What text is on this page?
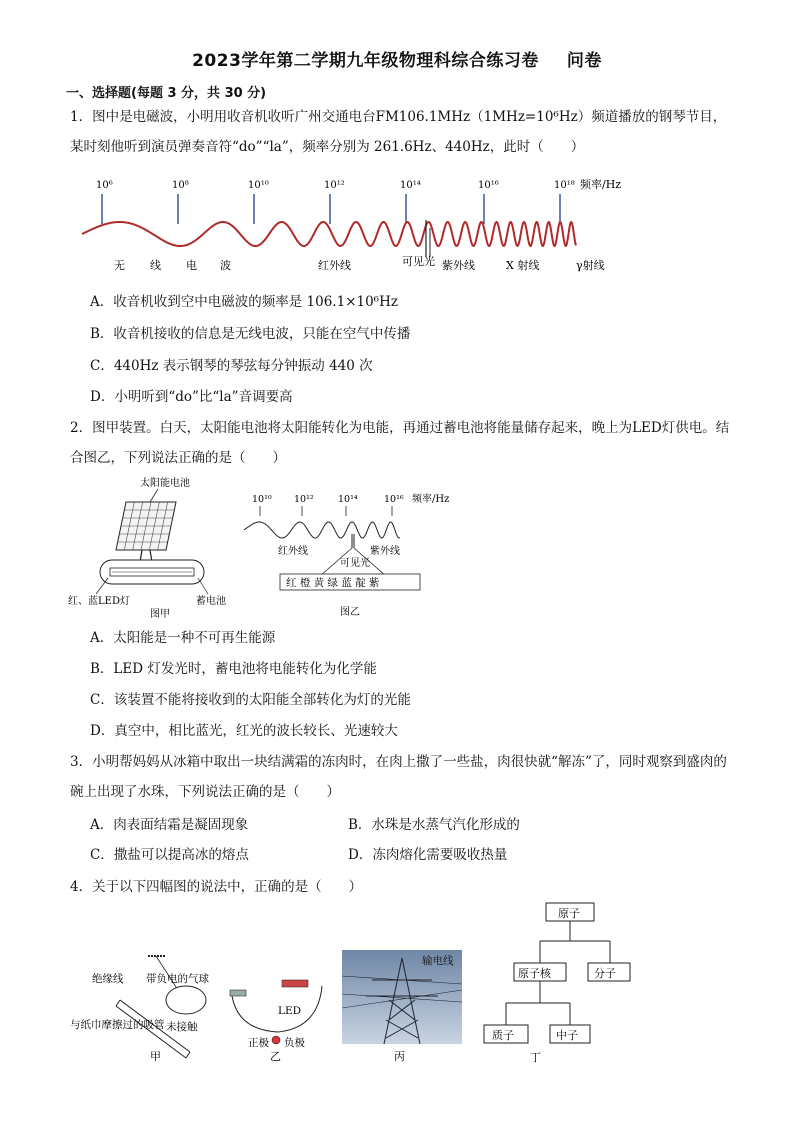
2023学年第二学期九年级物理科综合练习卷 问卷
一、选择题(每题 3 分，共 30 分)
1．图中是电磁波，小明用收音机收听广州交通电台FM106.1MHz（1MHz=10⁶Hz）频道播放的钢琴节目，某时刻他听到演员弹奏音符“do”“la”，频率分别为 261.6Hz、440Hz，此时（　　）
10⁶	10⁸	10¹⁰	10¹²	10¹⁴	10¹⁶	10¹⁸ 频率/Hz
无 线 电 波	红外线	可见光 紫外线	X 射线	γ射线
A．收音机收到空中电磁波的频率是 106.1×10⁶Hz
B．收音机接收的信息是无线电波，只能在空气中传播
C．440Hz 表示钢琴的琴弦每分钟振动 440 次
D．小明听到“do”比“la”音调要高
2．图甲装置。白天，太阳能电池将太阳能转化为电能，再通过蓄电池将能量储存起来，晚上为LED灯供电。结合图乙，下列说法正确的是（　　）
太阳能电池
红、蓝LED灯	蓄电池
图甲
10¹⁰ 10¹²	10¹⁴	10¹⁶ 频率/Hz
红外线	紫外线
可见光
红 橙 黄 绿 蓝 靛 紫
图乙
A．太阳能是一种不可再生能源
B．LED 灯发光时，蓄电池将电能转化为化学能
C．该装置不能将接收到的太阳能全部转化为灯的光能
D．真空中，相比蓝光，红光的波长较长、光速较大
3．小明帮妈妈从冰箱中取出一块结满霜的冻肉时，在肉上撒了一些盐，肉很快就“解冻”了，同时观察到盛肉的碗上出现了水珠，下列说法正确的是（　　）
A．肉表面结霜是凝固现象	B．水珠是水蒸气汽化形成的
C．撒盐可以提高冰的熔点	D．冻肉熔化需要吸收热量
4．关于以下四幅图的说法中，正确的是（　　）
绝缘线 带负电的气球
未接触
与纸巾摩擦过的吸管
甲
LED
正极 负极
乙
输电线
丙
原子
原子核	分子
质子	中子
丁
